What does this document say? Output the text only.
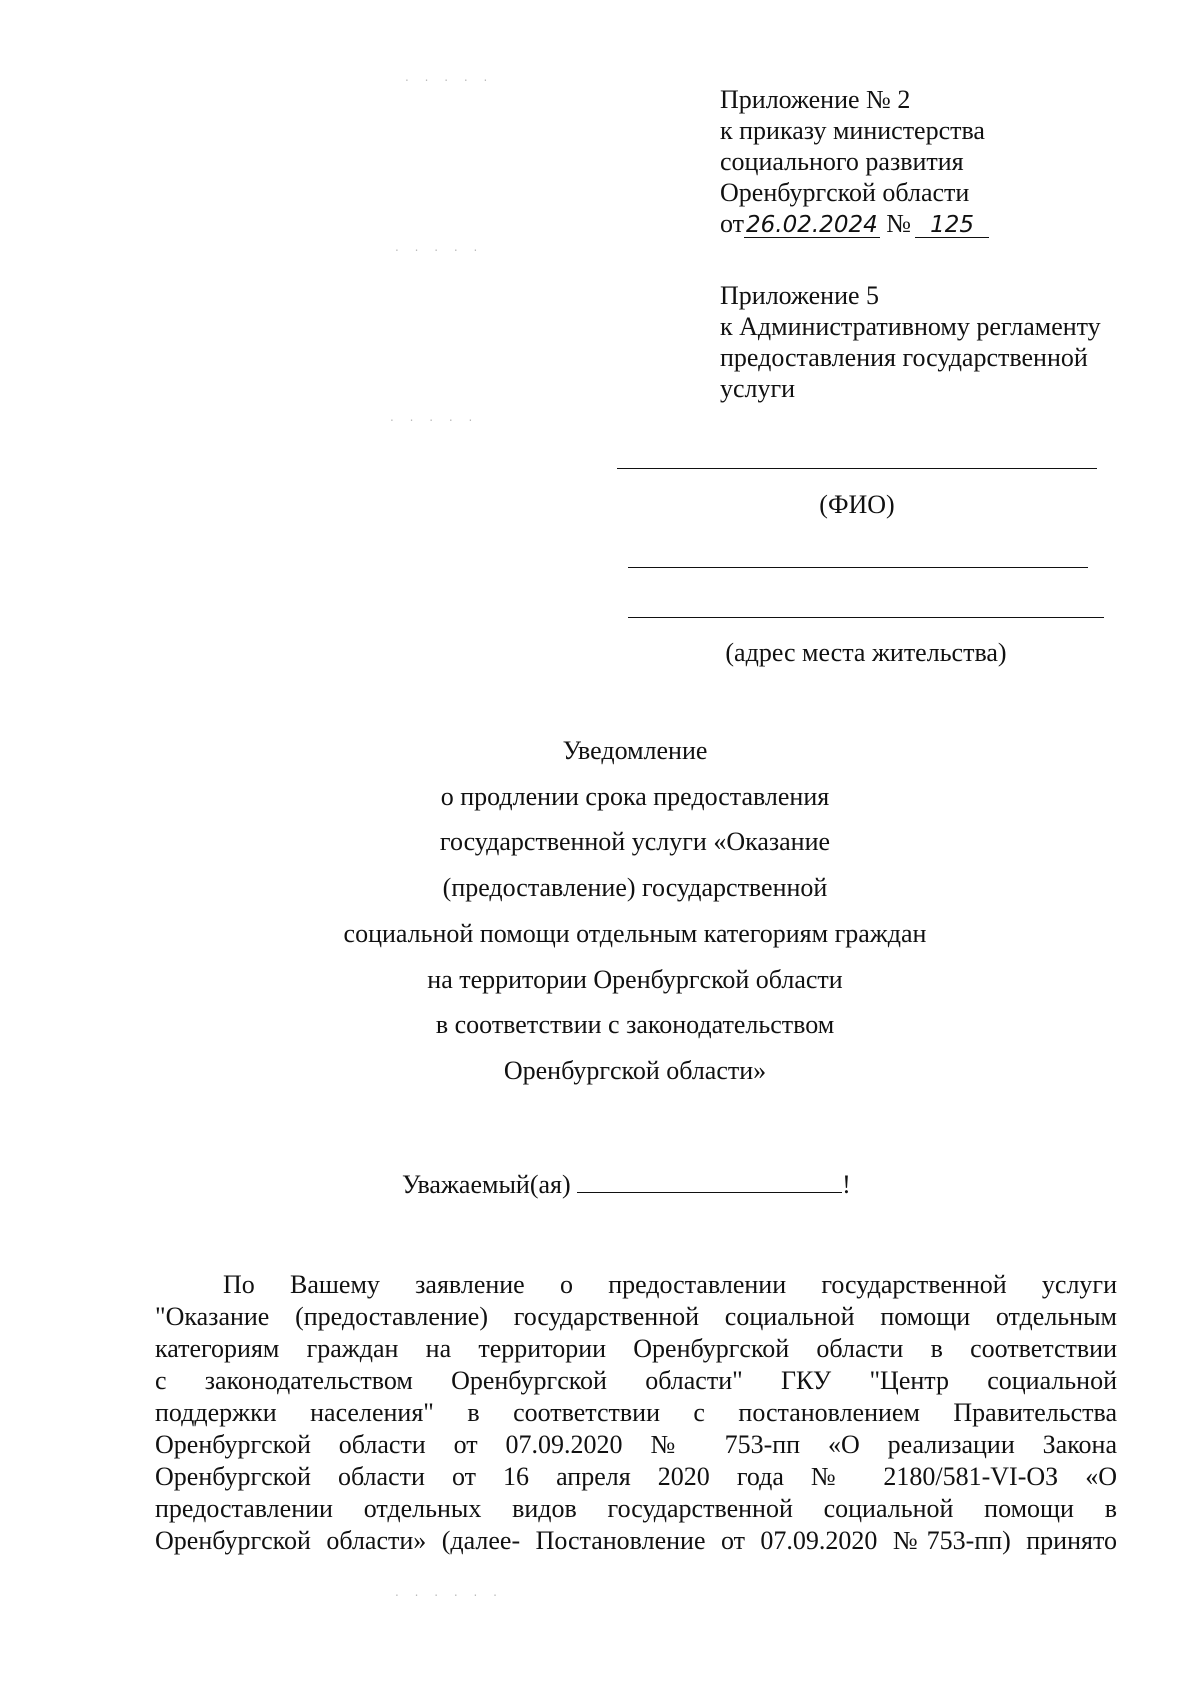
. . . . .
. . . . .
. . . . .
. . . . . .
Приложение № 2
к приказу министерства
социального развития
Оренбургской области
от26.02.2024 № 125
Приложение 5
к Административному регламенту
предоставления государственной
услуги
(ФИО)
(адрес места жительства)
Уведомление
о продлении срока предоставления
государственной услуги «Оказание
(предоставление) государственной
социальной помощи отдельным категориям граждан
на территории Оренбургской области
в соответствии с законодательством
Оренбургской области»
Уважаемый(ая)	!
По Вашему заявление о предоставлении государственной услуги
"Оказание (предоставление) государственной социальной помощи отдельным
категориям граждан на территории Оренбургской области в соответствии
с законодательством Оренбургской области" ГКУ "Центр социальной
поддержки населения" в соответствии с постановлением Правительства
Оренбургской области от 07.09.2020 № 753-пп «О реализации Закона
Оренбургской области от 16 апреля 2020 года № 2180/581-VI-ОЗ «О
предоставлении отдельных видов государственной социальной помощи в
Оренбургской области» (далее- Постановление от 07.09.2020 №753-пп) принято
